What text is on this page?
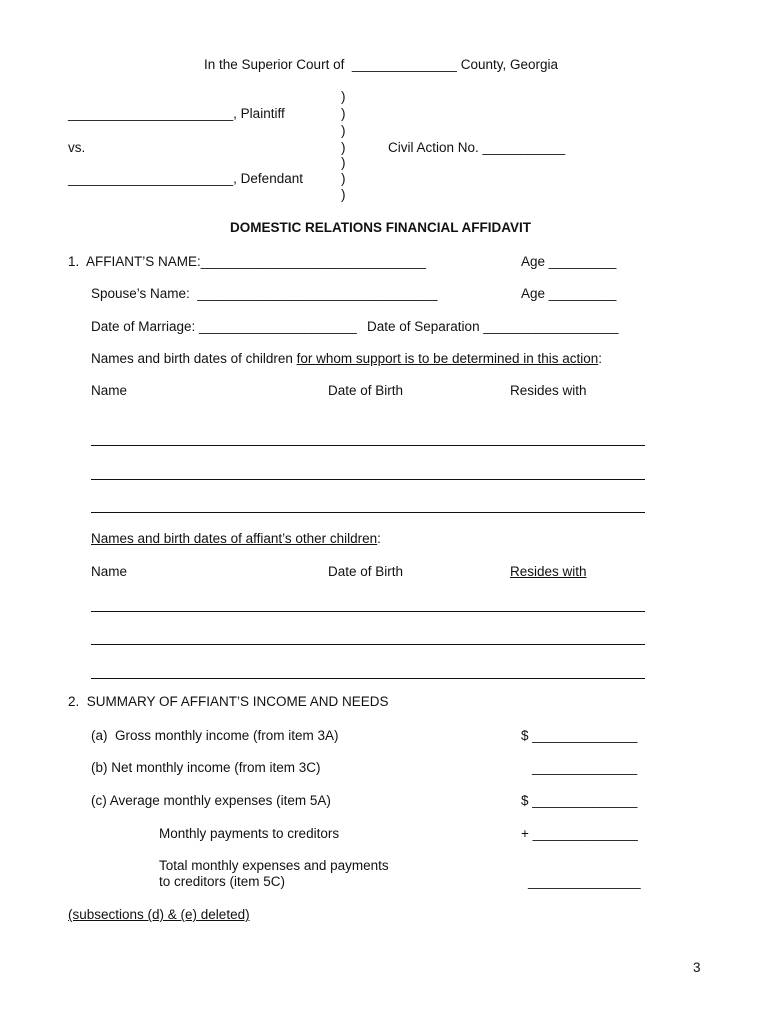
In the Superior Court of  ______________ County, Georgia
______________________, Plaintiff
vs.
______________________, Defendant
Civil Action No. ___________
)
)
)
)
)
)
)
DOMESTIC RELATIONS FINANCIAL AFFIDAVIT
1.  AFFIANT’S NAME:______________________________	Age _________
Spouse’s Name:  ________________________________	Age _________
Date of Marriage: _____________________ Date of Separation __________________
Names and birth dates of children for whom support is to be determined in this action:
Name	Date of Birth	Resides with
Names and birth dates of affiant’s other children:
Name	Date of Birth	Resides with
2.  SUMMARY OF AFFIANT’S INCOME AND NEEDS
(a)  Gross monthly income (from item 3A)	$ ______________
(b) Net monthly income (from item 3C)	______________
(c) Average monthly expenses (item 5A)	$ ______________
Monthly payments to creditors	+ ______________
Total monthly expenses and payments
to creditors (item 5C)	_______________
(subsections (d) & (e) deleted)
3
